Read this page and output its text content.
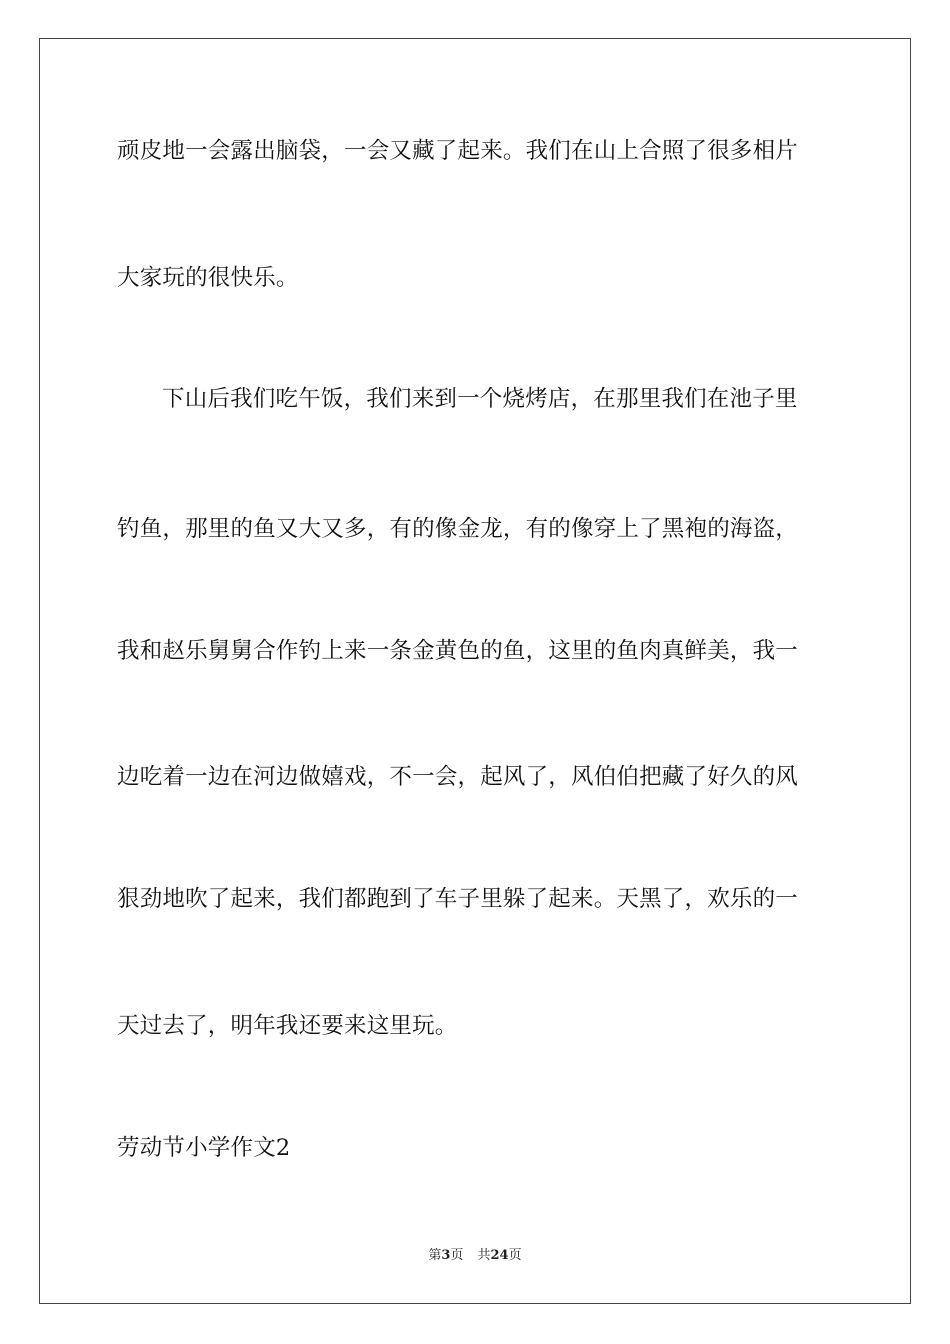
顽皮地一会露出脑袋，一会又藏了起来。我们在山上合照了很多相片
大家玩的很快乐。
下山后我们吃午饭，我们来到一个烧烤店，在那里我们在池子里
钓鱼，那里的鱼又大又多，有的像金龙，有的像穿上了黑袍的海盗，
我和赵乐舅舅合作钓上来一条金黄色的鱼，这里的鱼肉真鲜美，我一
边吃着一边在河边做嬉戏，不一会，起风了，风伯伯把藏了好久的风
狠劲地吹了起来，我们都跑到了车子里躲了起来。天黑了，欢乐的一
天过去了，明年我还要来这里玩。
劳动节小学作文2
第3页 共24页
